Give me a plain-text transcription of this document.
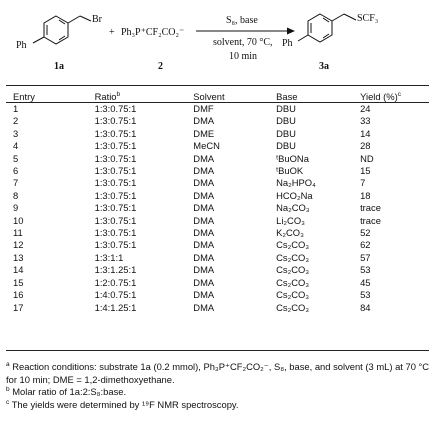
Br
Ph
+ Ph₃P⁺CF₂CO₂⁻
S₈, base
solvent, 70 °C,
10 min
SCF₃
Ph
1a	2	3a
Entry	Ratio$^b$	Solvent	Base	Yield (%)$^c$
1	1:3:0.75:1	DMF	DBU	24
2	1:3:0.75:1	DMA	DBU	33
3	1:3:0.75:1	DME	DBU	14
4	1:3:0.75:1	MeCN	DBU	28
5	1:3:0.75:1	DMA	ᵗBuONa	ND
6	1:3:0.75:1	DMA	ᵗBuOK	15
7	1:3:0.75:1	DMA	Na₂HPO₄	7
8	1:3:0.75:1	DMA	HCO₂Na	18
9	1:3:0.75:1	DMA	Na₂CO₃	trace
10	1:3:0.75:1	DMA	Li₂CO₃	trace
11	1:3:0.75:1	DMA	K₂CO₃	52
12	1:3:0.75:1	DMA	Cs₂CO₃	62
13	1:3:1:1	DMA	Cs₂CO₃	57
14	1:3:1.25:1	DMA	Cs₂CO₃	53
15	1:2:0.75:1	DMA	Cs₂CO₃	45
16	1:4:0.75:1	DMA	Cs₂CO₃	53
17	1:4:1.25:1	DMA	Cs₂CO₃	84
$^a$ Reaction conditions: substrate 1a (0.2 mmol), Ph₃P⁺CF₂CO₂⁻, S₈, base, and solvent (3 mL) at 70 °C for 10 min; DME = 1,2-dimethoxyethane.
$^b$ Molar ratio of 1a:2:S₈:base.
$^c$ The yields were determined by ¹⁹F NMR spectroscopy.
